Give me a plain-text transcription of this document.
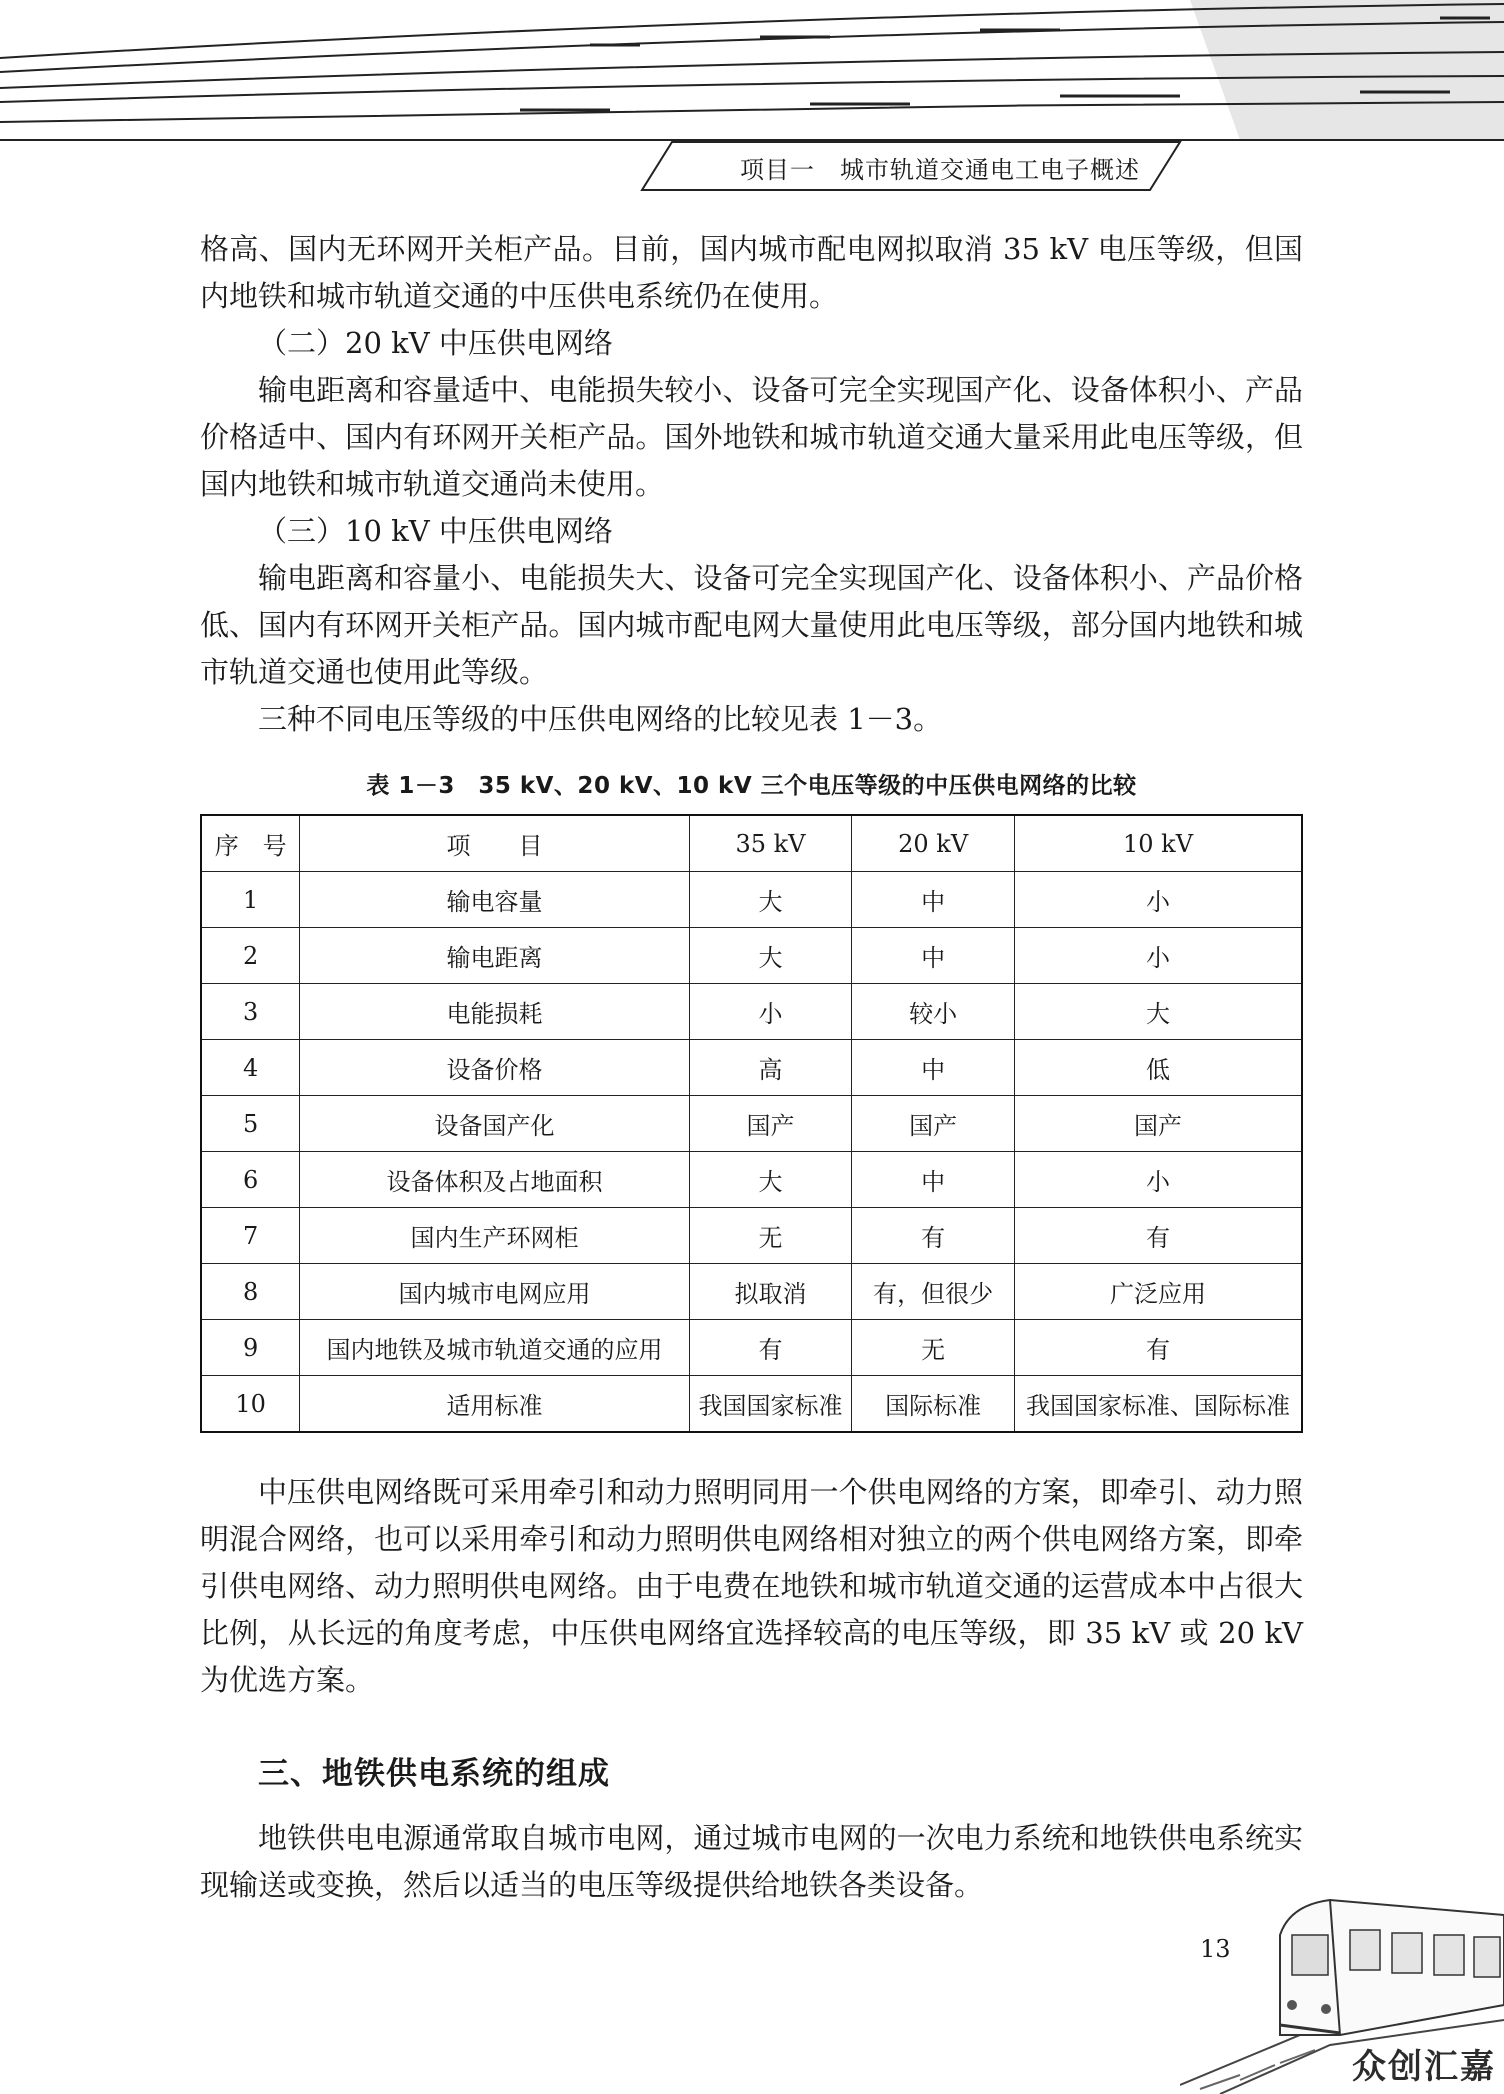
项目一　城市轨道交通电工电子概述

格高、国内无环网开关柜产品。目前，国内城市配电网拟取消 35 kV 电压等级，但国内地铁和城市轨道交通的中压供电系统仍在使用。

（二）20 kV 中压供电网络

输电距离和容量适中、电能损失较小、设备可完全实现国产化、设备体积小、产品价格适中、国内有环网开关柜产品。国外地铁和城市轨道交通大量采用此电压等级，但国内地铁和城市轨道交通尚未使用。

（三）10 kV 中压供电网络

输电距离和容量小、电能损失大、设备可完全实现国产化、设备体积小、产品价格低、国内有环网开关柜产品。国内城市配电网大量使用此电压等级，部分国内地铁和城市轨道交通也使用此等级。

三种不同电压等级的中压供电网络的比较见表 1－3。

表 1－3　35 kV、20 kV、10 kV 三个电压等级的中压供电网络的比较
序　号	项　　目	35 kV	20 kV	10 kV
1	输电容量	大	中	小
2	输电距离	大	中	小
3	电能损耗	小	较小	大
4	设备价格	高	中	低
5	设备国产化	国产	国产	国产
6	设备体积及占地面积	大	中	小
7	国内生产环网柜	无	有	有
8	国内城市电网应用	拟取消	有，但很少	广泛应用
9	国内地铁及城市轨道交通的应用	有	无	有
10	适用标准	我国国家标准	国际标准	我国国家标准、国际标准

中压供电网络既可采用牵引和动力照明同用一个供电网络的方案，即牵引、动力照明混合网络，也可以采用牵引和动力照明供电网络相对独立的两个供电网络方案，即牵引供电网络、动力照明供电网络。由于电费在地铁和城市轨道交通的运营成本中占很大比例，从长远的角度考虑，中压供电网络宜选择较高的电压等级，即 35 kV 或 20 kV 为优选方案。

三、地铁供电系统的组成

地铁供电电源通常取自城市电网，通过城市电网的一次电力系统和地铁供电系统实现输送或变换，然后以适当的电压等级提供给地铁各类设备。

13
众创汇嘉
